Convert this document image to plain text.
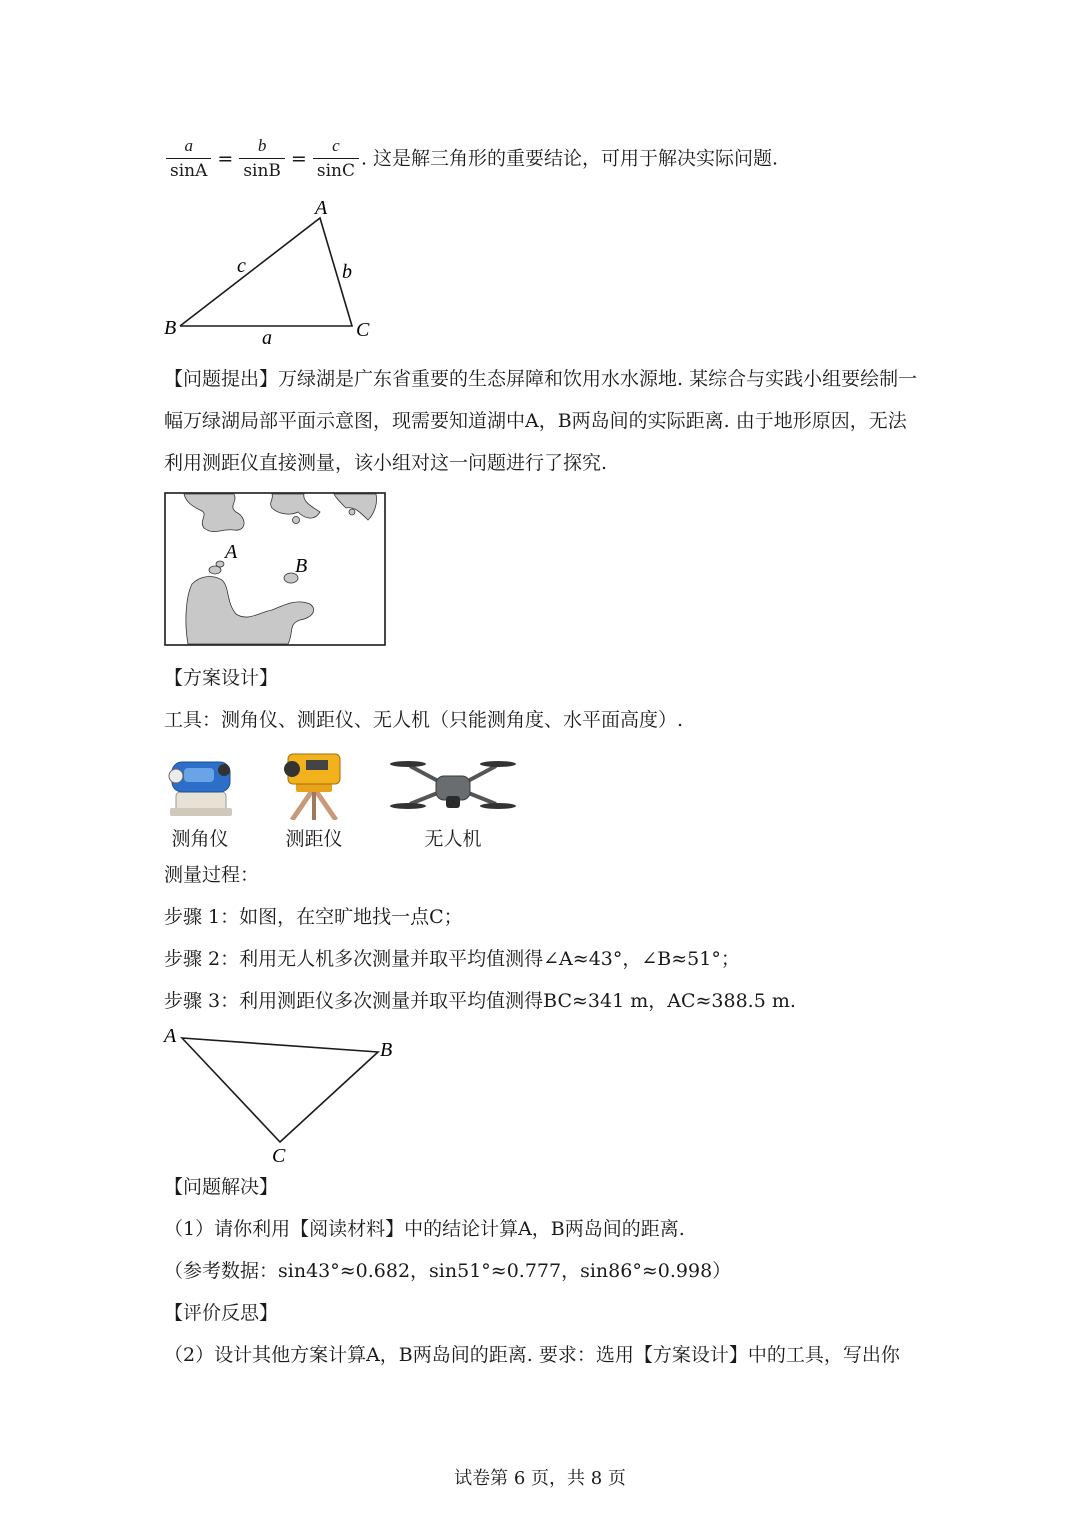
$\frac{a}{\sin A} = \frac{b}{\sin B} = \frac{c}{\sin C}$ . 这是解三角形的重要结论，可用于解决实际问题.
A
B	C
a
b
c
【问题提出】万绿湖是广东省重要的生态屏障和饮用水水源地. 某综合与实践小组要绘制一
幅万绿湖局部平面示意图，现需要知道湖中A，B两岛间的实际距离. 由于地形原因，无法
利用测距仪直接测量，该小组对这一问题进行了探究.
A
B
【方案设计】
工具：测角仪、测距仪、无人机（只能测角度、水平面高度）.
测角仪	测距仪	无人机
测量过程：
步骤 1：如图，在空旷地找一点C；
步骤 2：利用无人机多次测量并取平均值测得∠A≈43°，∠B≈51°；
步骤 3：利用测距仪多次测量并取平均值测得BC≈341 m，AC≈388.5 m.
A
B
C
【问题解决】
（1）请你利用【阅读材料】中的结论计算A，B两岛间的距离.
（参考数据：sin43°≈0.682，sin51°≈0.777，sin86°≈0.998）
【评价反思】
（2）设计其他方案计算A，B两岛间的距离. 要求：选用【方案设计】中的工具，写出你
试卷第 6 页，共 8 页
